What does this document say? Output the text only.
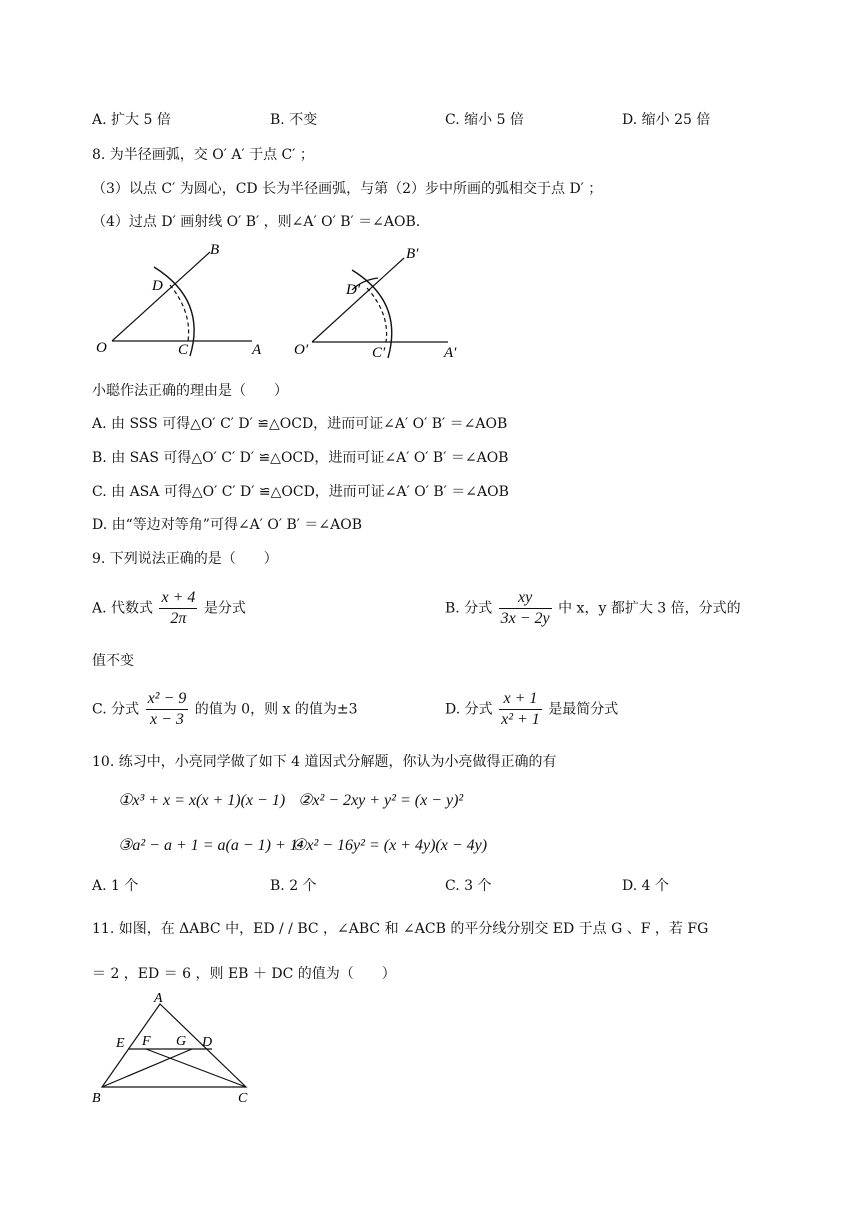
A. 扩大 5 倍	B. 不变	C. 缩小 5 倍	D. 缩小 25 倍
8. 为半径画弧，交 O′ A′ 于点 C′ ；
（3）以点 C′ 为圆心，CD 长为半径画弧，与第（2）步中所画的弧相交于点 D′ ；
（4）过点 D′ 画射线 O′ B′ ，则∠A′ O′ B′ ＝∠AOB.
O	C	A
D
B
O′	C′	A′
D′
B′
小聪作法正确的理由是（　　）
A. 由 SSS 可得△O′ C′ D′ ≌△OCD，进而可证∠A′ O′ B′ ＝∠AOB
B. 由 SAS 可得△O′ C′ D′ ≌△OCD，进而可证∠A′ O′ B′ ＝∠AOB
C. 由 ASA 可得△O′ C′ D′ ≌△OCD，进而可证∠A′ O′ B′ ＝∠AOB
D. 由“等边对等角”可得∠A′ O′ B′ ＝∠AOB
9. 下列说法正确的是（　　）
A. 代数式 $\frac{x + 4}{2\pi}$ 是分式	B. 分式 $\frac{xy}{3x - 2y}$ 中 x，y 都扩大 3 倍，分式的
值不变
C. 分式 $\frac{\text{x² − 9}}{x - 3}$ 的值为 0，则 x 的值为±3	D. 分式 $\frac{x + 1}{\text{x² + 1}}$ 是最简分式
10. 练习中，小亮同学做了如下 4 道因式分解题，你认为小亮做得正确的有
①x³ + x = x(x + 1)(x − 1) ②x² − 2xy + y² = (x − y)²
③a² − a + 1 = a(a − 1) + 1
④x² − 16y² = (x + 4y)(x − 4y)
A. 1 个	B. 2 个	C. 3 个	D. 4 个
11. 如图，在 ΔABC 中，ED / / BC ，∠ABC 和 ∠ACB 的平分线分别交 ED 于点 G 、F ，若 FG
＝ 2 ，ED ＝ 6 ，则 EB ＋ DC 的值为（　　）
A
E F G D
B	C
